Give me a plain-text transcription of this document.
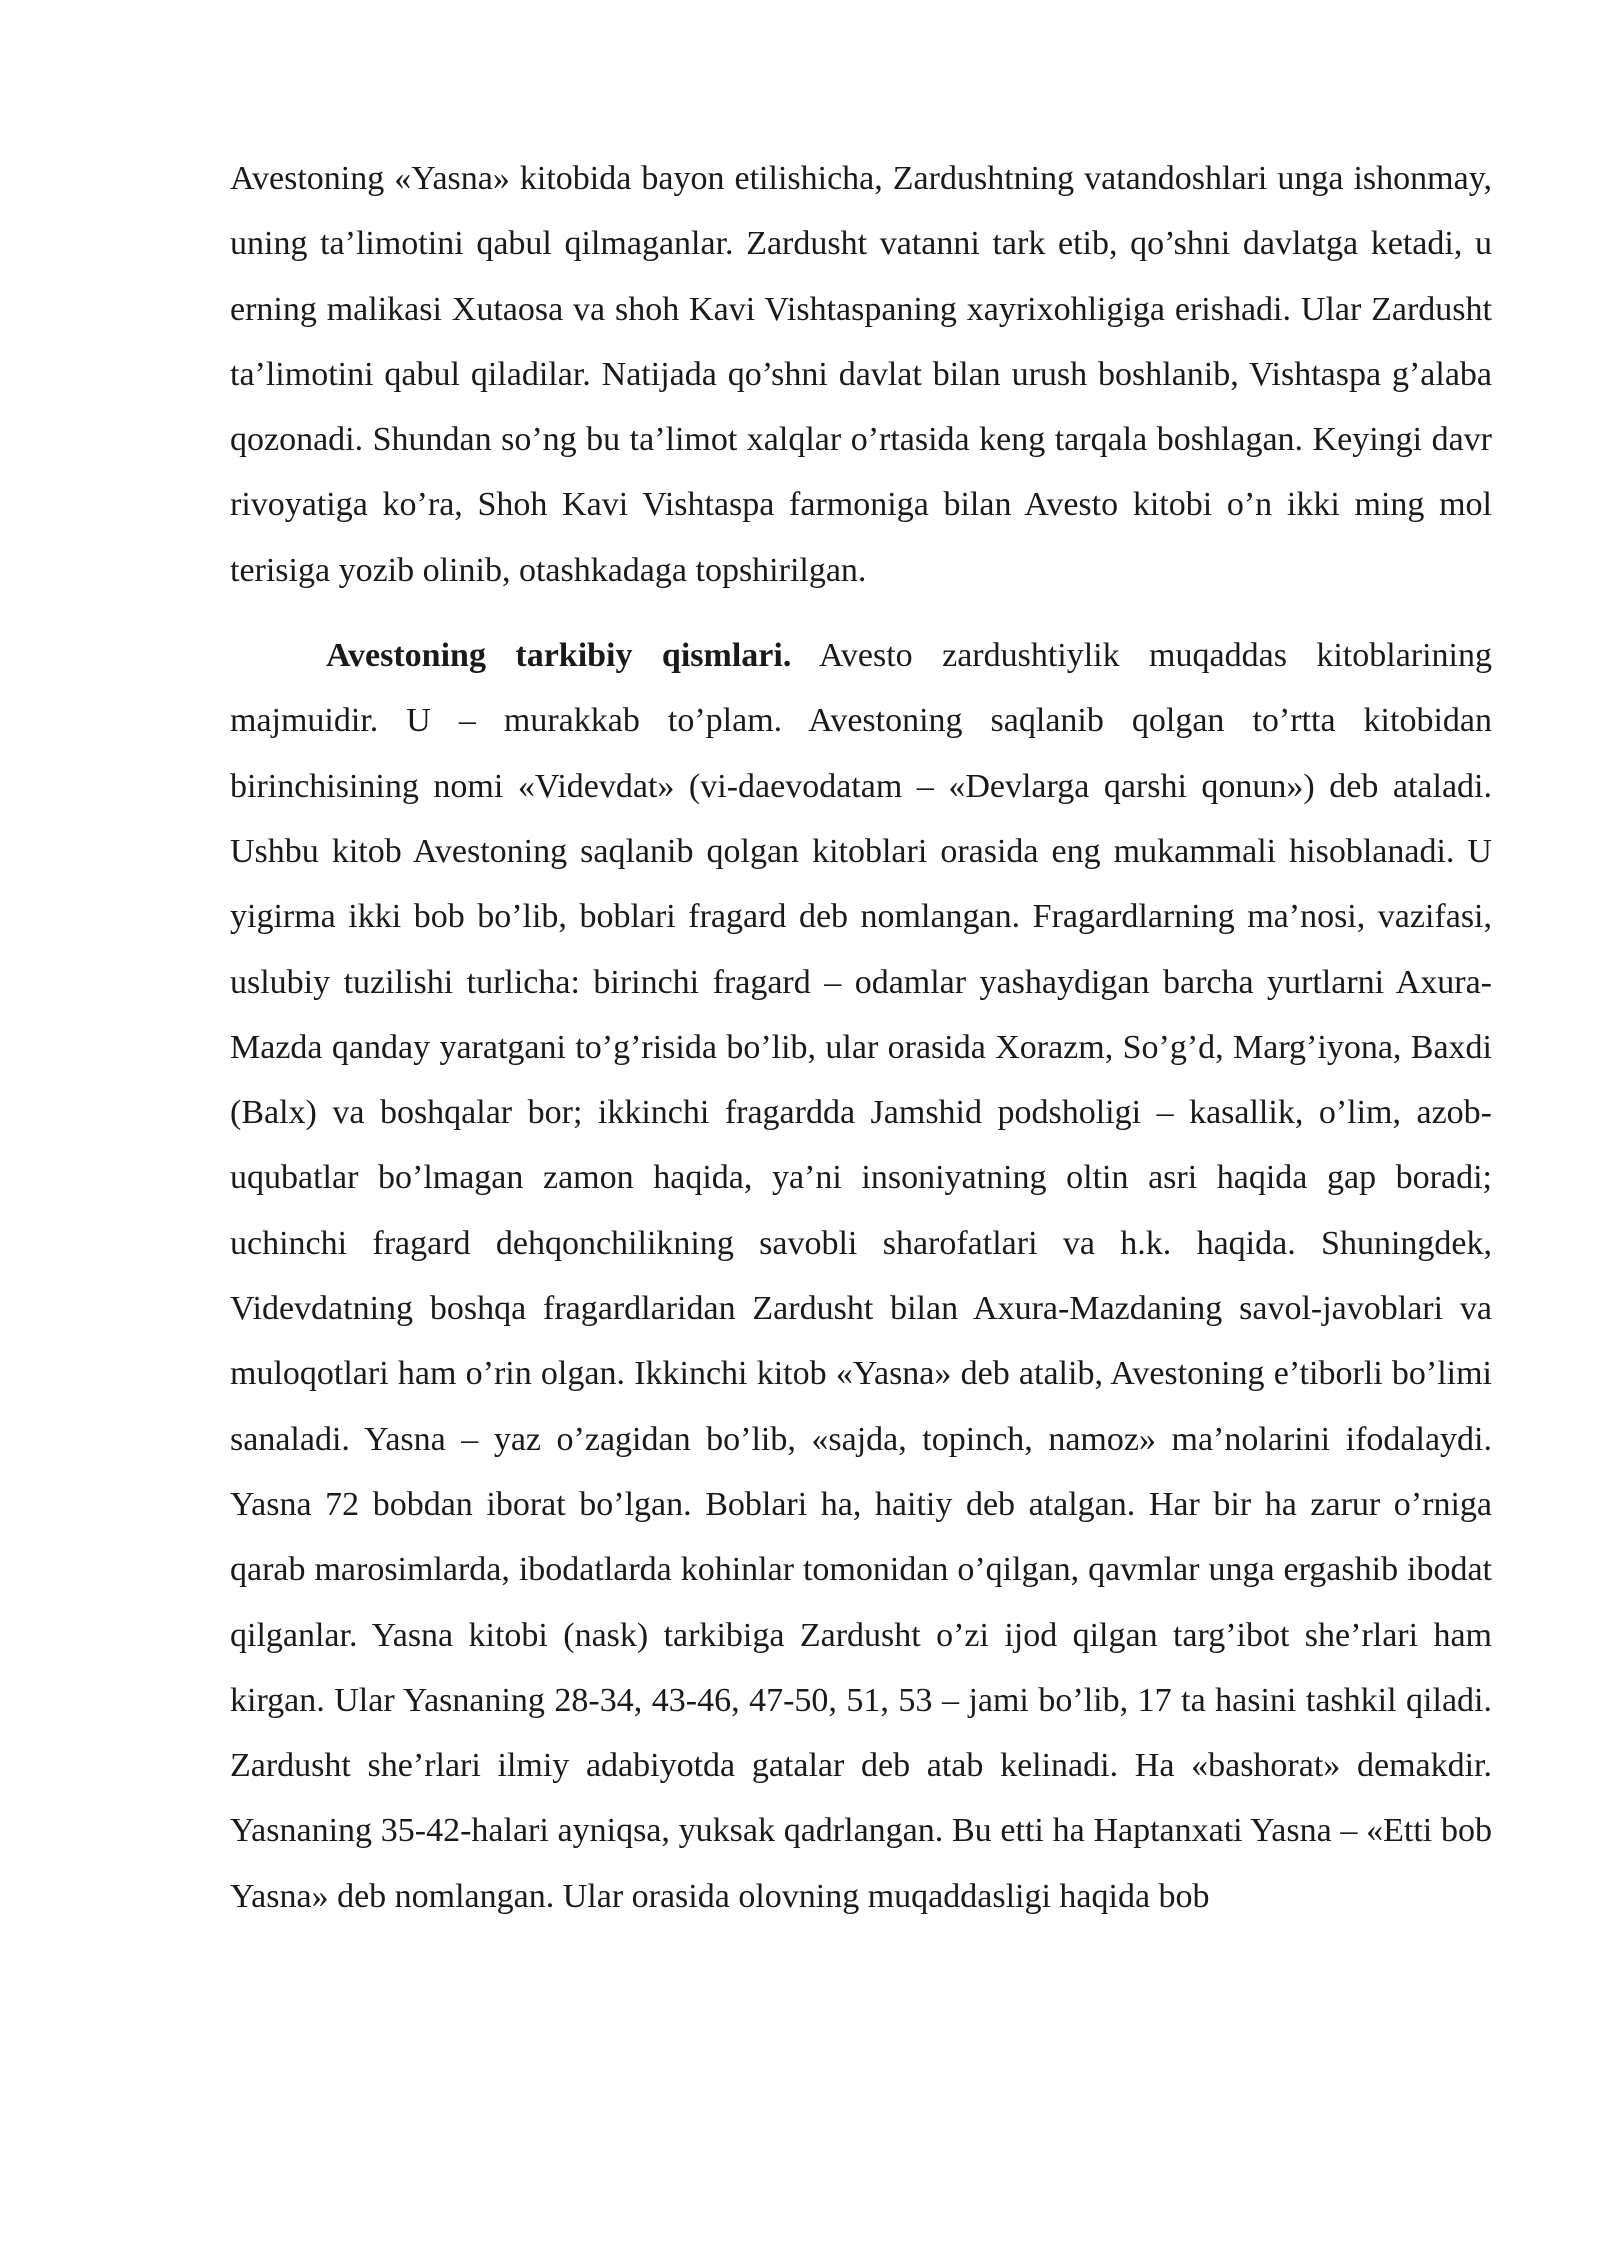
Avestoning «Yasna» kitobida bayon etilishicha, Zardushtning vatandoshlari unga ishonmay, uning ta’limotini qabul qilmaganlar. Zardusht vatanni tark etib, qo’shni davlatga ketadi, u erning malikasi Xutaosa va shoh Kavi Vishtaspaning xayrixohligiga erishadi. Ular Zardusht ta’limotini qabul qiladilar. Natijada qo’shni davlat bilan urush boshlanib, Vishtaspa g’alaba qozonadi. Shundan so’ng bu ta’limot xalqlar o’rtasida keng tarqala boshlagan. Keyingi davr rivoyatiga ko’ra, Shoh Kavi Vishtaspa farmoniga bilan Avesto kitobi o’n ikki ming mol terisiga yozib olinib, otashkadaga topshirilgan.

Avestoning tarkibiy qismlari. Avesto zardushtiylik muqaddas kitoblarining majmuidir. U – murakkab to’plam. Avestoning saqlanib qolgan to’rtta kitobidan birinchisining nomi «Videvdat» (vi-daevodatam – «Devlarga qarshi qonun») deb ataladi. Ushbu kitob Avestoning saqlanib qolgan kitoblari orasida eng mukammali hisoblanadi. U yigirma ikki bob bo’lib, boblari fragard deb nomlangan. Fragardlarning ma’nosi, vazifasi, uslubiy tuzilishi turlicha: birinchi fragard – odamlar yashaydigan barcha yurtlarni Axura-Mazda qanday yaratgani to’g’risida bo’lib, ular orasida Xorazm, So’g’d, Marg’iyona, Baxdi (Balx) va boshqalar bor; ikkinchi fragardda Jamshid podsholigi – kasallik, o’lim, azob-uqubatlar bo’lmagan zamon haqida, ya’ni insoniyatning oltin asri haqida gap boradi; uchinchi fragard dehqonchilikning savobli sharofatlari va h.k. haqida. Shuningdek, Videvdatning boshqa fragardlaridan Zardusht bilan Axura-Mazdaning savol-javoblari va muloqotlari ham o’rin olgan. Ikkinchi kitob «Yasna» deb atalib, Avestoning e’tiborli bo’limi sanaladi. Yasna – yaz o’zagidan bo’lib, «sajda, topinch, namoz» ma’nolarini ifodalaydi. Yasna 72 bobdan iborat bo’lgan. Boblari ha, haitiy deb atalgan. Har bir ha zarur o’rniga qarab marosimlarda, ibodatlarda kohinlar tomonidan o’qilgan, qavmlar unga ergashib ibodat qilganlar. Yasna kitobi (nask) tarkibiga Zardusht o’zi ijod qilgan targ’ibot she’rlari ham kirgan. Ular Yasnaning 28-34, 43-46, 47-50, 51, 53 – jami bo’lib, 17 ta hasini tashkil qiladi. Zardusht she’rlari ilmiy adabiyotda gatalar deb atab kelinadi. Ha «bashorat» demakdir. Yasnaning 35-42-halari ayniqsa, yuksak qadrlangan. Bu etti ha Haptanxati Yasna – «Etti bob Yasna» deb nomlangan. Ular orasida olovning muqaddasligi haqida bob
